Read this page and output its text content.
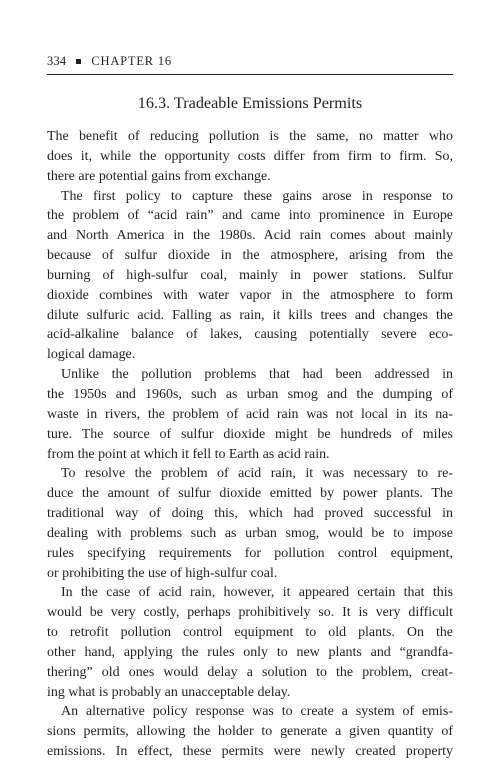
334 CHAPTER 16
16.3. Tradeable Emissions Permits

The benefit of reducing pollution is the same, no matter who
does it, while the opportunity costs differ from firm to firm. So,
there are potential gains from exchange.

The first policy to capture these gains arose in response to
the problem of “acid rain” and came into prominence in Europe
and North America in the 1980s. Acid rain comes about mainly
because of sulfur dioxide in the atmosphere, arising from the
burning of high-sulfur coal, mainly in power stations. Sulfur
dioxide combines with water vapor in the atmosphere to form
dilute sulfuric acid. Falling as rain, it kills trees and changes the
acid-alkaline balance of lakes, causing potentially severe eco-
logical damage.

Unlike the pollution problems that had been addressed in
the 1950s and 1960s, such as urban smog and the dumping of
waste in rivers, the problem of acid rain was not local in its na-
ture. The source of sulfur dioxide might be hundreds of miles
from the point at which it fell to Earth as acid rain.

To resolve the problem of acid rain, it was necessary to re-
duce the amount of sulfur dioxide emitted by power plants. The
traditional way of doing this, which had proved successful in
dealing with problems such as urban smog, would be to impose
rules specifying requirements for pollution control equipment,
or prohibiting the use of high-sulfur coal.

In the case of acid rain, however, it appeared certain that this
would be very costly, perhaps prohibitively so. It is very difficult
to retrofit pollution control equipment to old plants. On the
other hand, applying the rules only to new plants and “grandfa-
thering” old ones would delay a solution to the problem, creat-
ing what is probably an unacceptable delay.

An alternative policy response was to create a system of emis-
sions permits, allowing the holder to generate a given quantity of
emissions. In effect, these permits were newly created property
